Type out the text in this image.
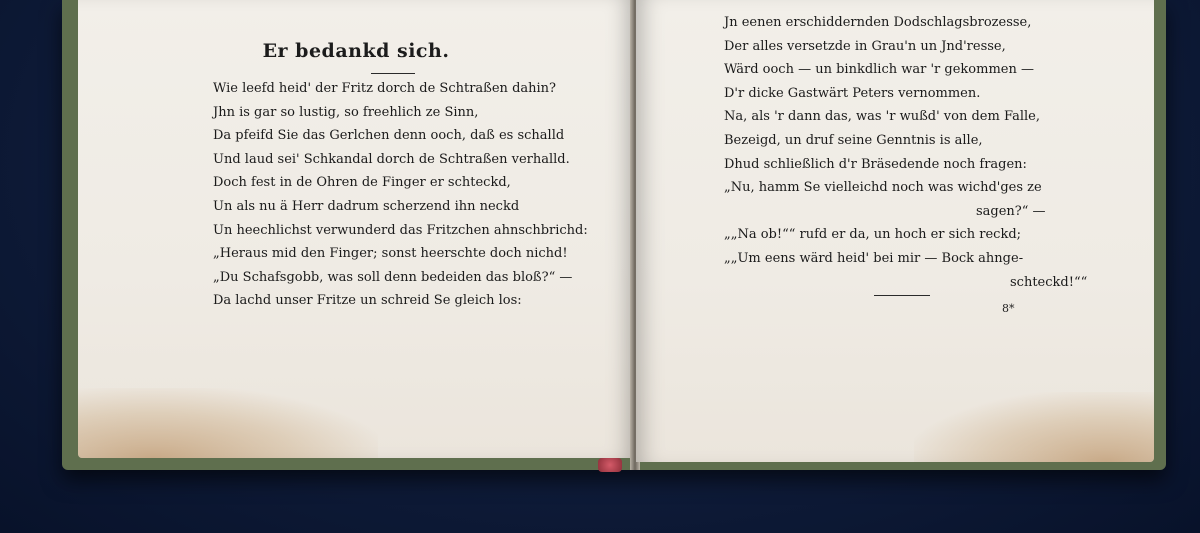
Er bedankd sich.
Wie leefd heid' der Fritz dorch de Schtraßen dahin?
Jhn is gar so lustig, so freehlich ze Sinn,
Da pfeifd Sie das Gerlchen denn ooch, daß es schalld
Und laud sei' Schkandal dorch de Schtraßen verhalld.
Doch fest in de Ohren de Finger er schteckd,
Un als nu ä Herr dadrum scherzend ihn neckd
Un heechlichst verwunderd das Fritzchen ahnschbrichd:
„Heraus mid den Finger; sonst heerschte doch nichd!
„Du Schafsgobb, was soll denn bedeiden das bloß?“ —
Da lachd unser Fritze un schreid Se gleich los:
Jn eenen erschiddernden Dodschlagsbrozesse,
Der alles versetzde in Grau'n un Jnd'resse,
Wärd ooch — un binkdlich war 'r gekommen —
D'r dicke Gastwärt Peters vernommen.
Na, als 'r dann das, was 'r wußd' von dem Falle,
Bezeigd, un druf seine Genntnis is alle,
Dhud schließlich d'r Bräsedende noch fragen:
„Nu, hamm Se vielleichd noch was wichd'ges ze
sagen?“ —
„„Na ob!““ rufd er da, un hoch er sich reckd;
„„Um eens wärd heid' bei mir — Bock ahnge-
schteckd!““
8*
